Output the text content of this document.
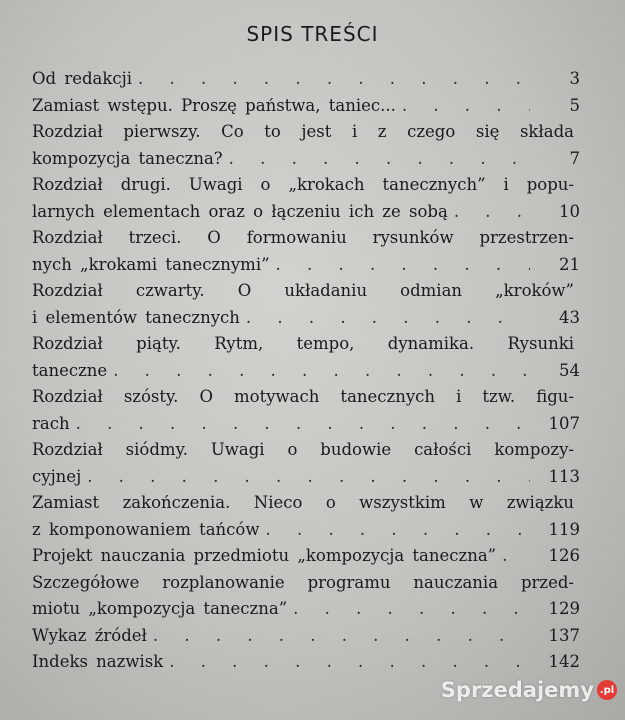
SPIS TREŚCI
Od redakcji .	3
Zamiast wstępu. Proszę państwa, taniec... .	5
Rozdział pierwszy. Co to jest i z czego się składa
kompozycja taneczna? .	7
Rozdział drugi. Uwagi o „krokach tanecznych” i popu-
larnych elementach oraz o łączeniu ich ze sobą .	10
Rozdział trzeci. O formowaniu rysunków przestrzen-
nych „krokami tanecznymi” .	21
Rozdział czwarty. O układaniu odmian „kroków”
i elementów tanecznych .	43
Rozdział piąty. Rytm, tempo, dynamika. Rysunki
taneczne .	54
Rozdział szósty. O motywach tanecznych i tzw. figu-
rach .	107
Rozdział siódmy. Uwagi o budowie całości kompozy-
cyjnej .	113
Zamiast zakończenia. Nieco o wszystkim w związku
z komponowaniem tańców .	119
Projekt nauczania przedmiotu „kompozycja taneczna” .	126
Szczegółowe rozplanowanie programu nauczania przed-
miotu „kompozycja taneczna” .	129
Wykaz źródeł .	137
Indeks nazwisk .	142
Sprzedajemy .pl
